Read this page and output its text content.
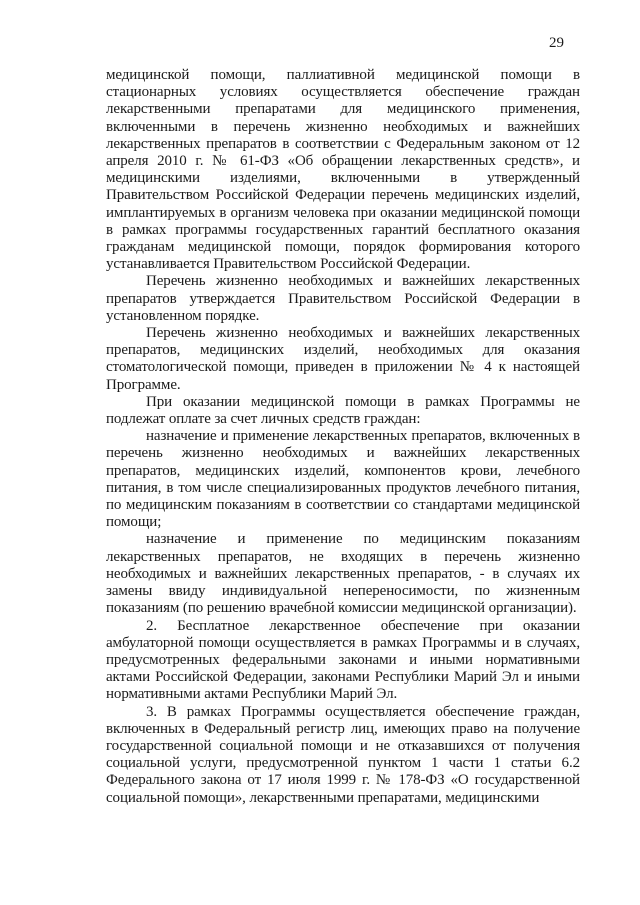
29

медицинской помощи, паллиативной медицинской помощи в стационарных условиях осуществляется обеспечение граждан лекарственными препаратами для медицинского применения, включенными в перечень жизненно необходимых и важнейших лекарственных препаратов в соответствии с Федеральным законом от 12 апреля 2010 г. № 61-ФЗ «Об обращении лекарственных средств», и медицинскими изделиями, включенными в утвержденный Правительством Российской Федерации перечень медицинских изделий, имплантируемых в организм человека при оказании медицинской помощи в рамках программы государственных гарантий бесплатного оказания гражданам медицинской помощи, порядок формирования которого устанавливается Правительством Российской Федерации.

Перечень жизненно необходимых и важнейших лекарственных препаратов утверждается Правительством Российской Федерации в установленном порядке.

Перечень жизненно необходимых и важнейших лекарственных препаратов, медицинских изделий, необходимых для оказания стоматологической помощи, приведен в приложении № 4 к настоящей Программе.

При оказании медицинской помощи в рамках Программы не подлежат оплате за счет личных средств граждан:

назначение и применение лекарственных препаратов, включенных в перечень жизненно необходимых и важнейших лекарственных препаратов, медицинских изделий, компонентов крови, лечебного питания, в том числе специализированных продуктов лечебного питания, по медицинским показаниям в соответствии со стандартами медицинской помощи;

назначение и применение по медицинским показаниям лекарственных препаратов, не входящих в перечень жизненно необходимых и важнейших лекарственных препаратов, - в случаях их замены ввиду индивидуальной непереносимости, по жизненным показаниям (по решению врачебной комиссии медицинской организации).

2. Бесплатное лекарственное обеспечение при оказании амбулаторной помощи осуществляется в рамках Программы и в случаях, предусмотренных федеральными законами и иными нормативными актами Российской Федерации, законами Республики Марий Эл и иными нормативными актами Республики Марий Эл.

3. В рамках Программы осуществляется обеспечение граждан, включенных в Федеральный регистр лиц, имеющих право на получение государственной социальной помощи и не отказавшихся от получения социальной услуги, предусмотренной пунктом 1 части 1 статьи 6.2 Федерального закона от 17 июля 1999 г. № 178-ФЗ «О государственной социальной помощи», лекарственными препаратами, медицинскими
